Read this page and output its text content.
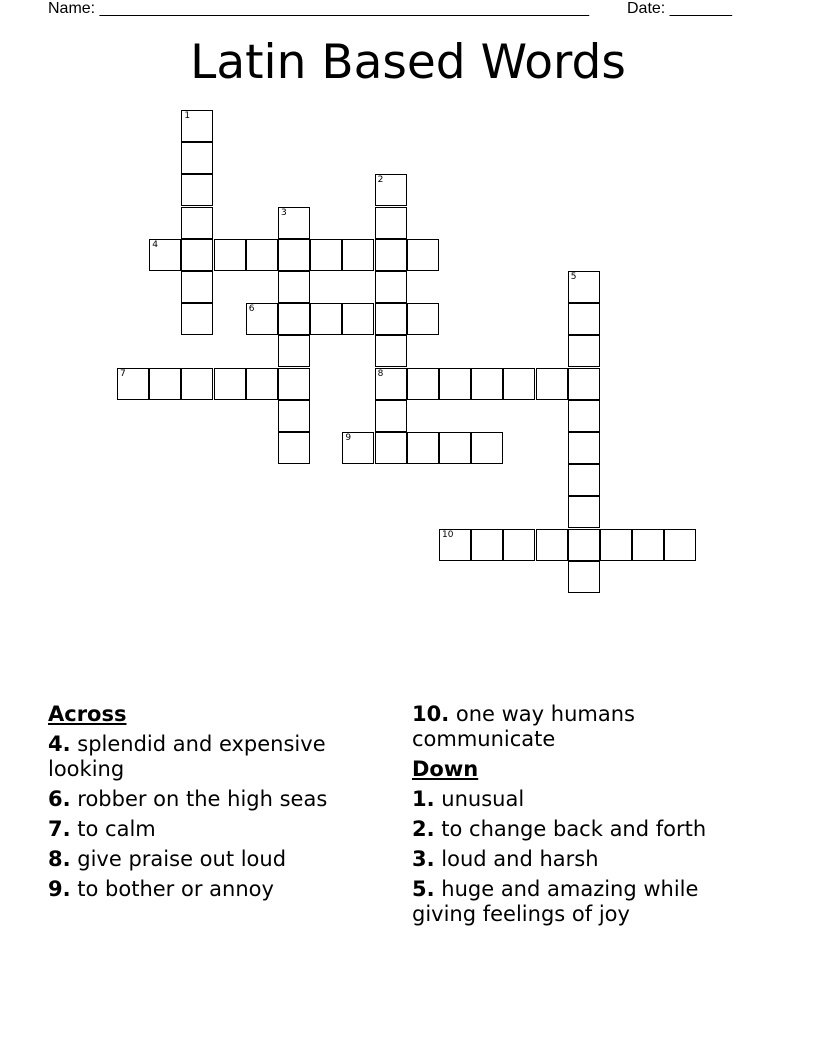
Name: _______________________________________________________ Date: _______
Latin Based Words
1
2
8
3
4
5
6
7
9
10
Across
4. splendid and expensive looking
6. robber on the high seas
7. to calm
8. give praise out loud
9. to bother or annoy
10. one way humans communicate
Down
1. unusual
2. to change back and forth
3. loud and harsh
5. huge and amazing while giving feelings of joy
